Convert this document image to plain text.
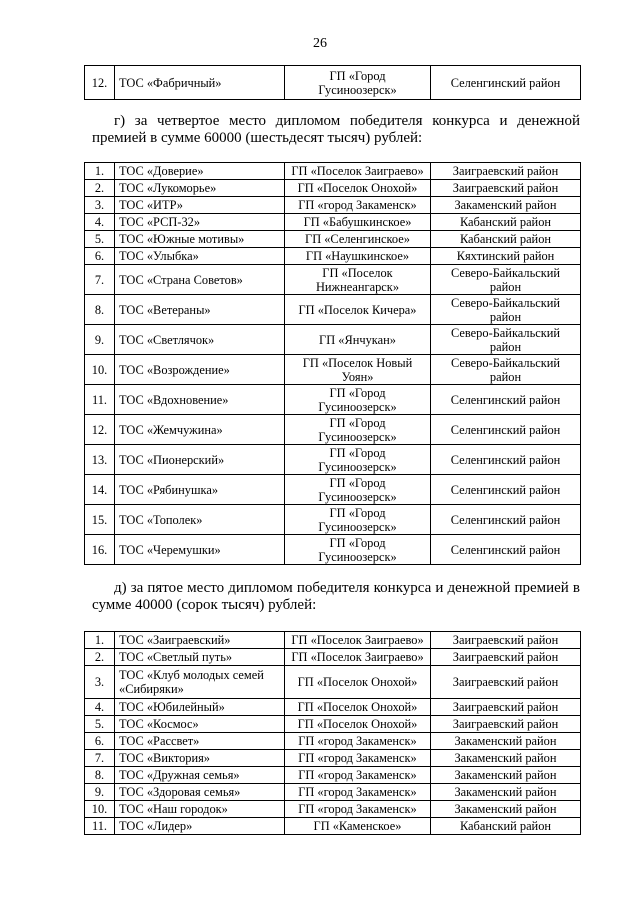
26
12.	ТОС «Фабричный»	ГП «Город Гусиноозерск»	Селенгинский район

г) за четвертое место дипломом победителя конкурса и денежной премией в сумме 60000 (шестьдесят тысяч) рублей:

1.	ТОС «Доверие»	ГП «Поселок Заиграево»	Заиграевский район
2.	ТОС «Лукоморье»	ГП «Поселок Онохой»	Заиграевский район
3.	ТОС «ИТР»	ГП «город Закаменск»	Закаменский район
4.	ТОС «РСП-32»	ГП «Бабушкинское»	Кабанский район
5.	ТОС «Южные мотивы»	ГП «Селенгинское»	Кабанский район
6.	ТОС «Улыбка»	ГП «Наушкинское»	Кяхтинский район
7.	ТОС «Страна Советов»	ГП «Поселок Нижнеангарск»	Северо-Байкальский район
8.	ТОС «Ветераны»	ГП «Поселок Кичера»	Северо-Байкальский район
9.	ТОС «Светлячок»	ГП «Янчукан»	Северо-Байкальский район
10.	ТОС «Возрождение»	ГП «Поселок Новый Уоян»	Северо-Байкальский район
11.	ТОС «Вдохновение»	ГП «Город Гусиноозерск»	Селенгинский район
12.	ТОС «Жемчужина»	ГП «Город Гусиноозерск»	Селенгинский район
13.	ТОС «Пионерский»	ГП «Город Гусиноозерск»	Селенгинский район
14.	ТОС «Рябинушка»	ГП «Город Гусиноозерск»	Селенгинский район
15.	ТОС «Тополек»	ГП «Город Гусиноозерск»	Селенгинский район
16.	ТОС «Черемушки»	ГП «Город Гусиноозерск»	Селенгинский район

д) за пятое место дипломом победителя конкурса и денежной премией в сумме 40000 (сорок тысяч) рублей:

1.	ТОС «Заиграевский»	ГП «Поселок Заиграево»	Заиграевский район
2.	ТОС «Светлый путь»	ГП «Поселок Заиграево»	Заиграевский район
3.	ТОС «Клуб молодых семей «Сибиряки»	ГП «Поселок Онохой»	Заиграевский район
4.	ТОС «Юбилейный»	ГП «Поселок Онохой»	Заиграевский район
5.	ТОС «Космос»	ГП «Поселок Онохой»	Заиграевский район
6.	ТОС «Рассвет»	ГП «город Закаменск»	Закаменский район
7.	ТОС «Виктория»	ГП «город Закаменск»	Закаменский район
8.	ТОС «Дружная семья»	ГП «город Закаменск»	Закаменский район
9.	ТОС «Здоровая семья»	ГП «город Закаменск»	Закаменский район
10.	ТОС «Наш городок»	ГП «город Закаменск»	Закаменский район
11.	ТОС «Лидер»	ГП «Каменское»	Кабанский район
